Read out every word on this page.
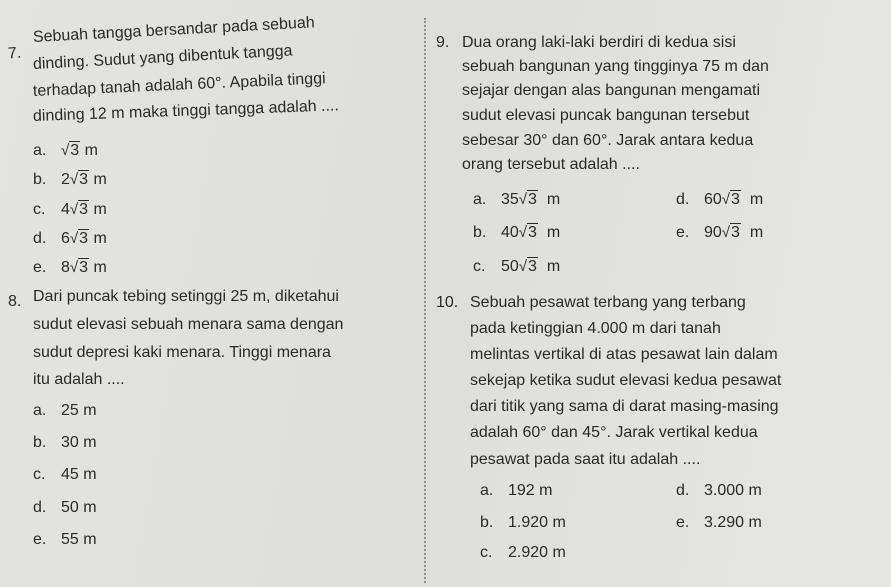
7.
Sebuah tangga bersandar pada sebuah
dinding. Sudut yang dibentuk tangga
terhadap tanah adalah 60°. Apabila tinggi
dinding 12 m maka tinggi tangga adalah ....
a. √3 m
b. 2√3 m
c. 4√3 m
d. 6√3 m
e. 8√3 m
8. Dari puncak tebing setinggi 25 m, diketahui
sudut elevasi sebuah menara sama dengan
sudut depresi kaki menara. Tinggi menara
itu adalah ....
a. 25 m
b. 30 m
c. 45 m
d. 50 m
e. 55 m
9. Dua orang laki-laki berdiri di kedua sisi
sebuah bangunan yang tingginya 75 m dan
sejajar dengan alas bangunan mengamati
sudut elevasi puncak bangunan tersebut
sebesar 30° dan 60°. Jarak antara kedua
orang tersebut adalah ....
a. 35√3 m
b. 40√3 m
c. 50√3 m
d. 60√3 m
e. 90√3 m
10. Sebuah pesawat terbang yang terbang
pada ketinggian 4.000 m dari tanah
melintas vertikal di atas pesawat lain dalam
sekejap ketika sudut elevasi kedua pesawat
dari titik yang sama di darat masing-masing
adalah 60° dan 45°. Jarak vertikal kedua
pesawat pada saat itu adalah ....
a. 192 m
b. 1.920 m
c. 2.920 m
d. 3.000 m
e. 3.290 m
